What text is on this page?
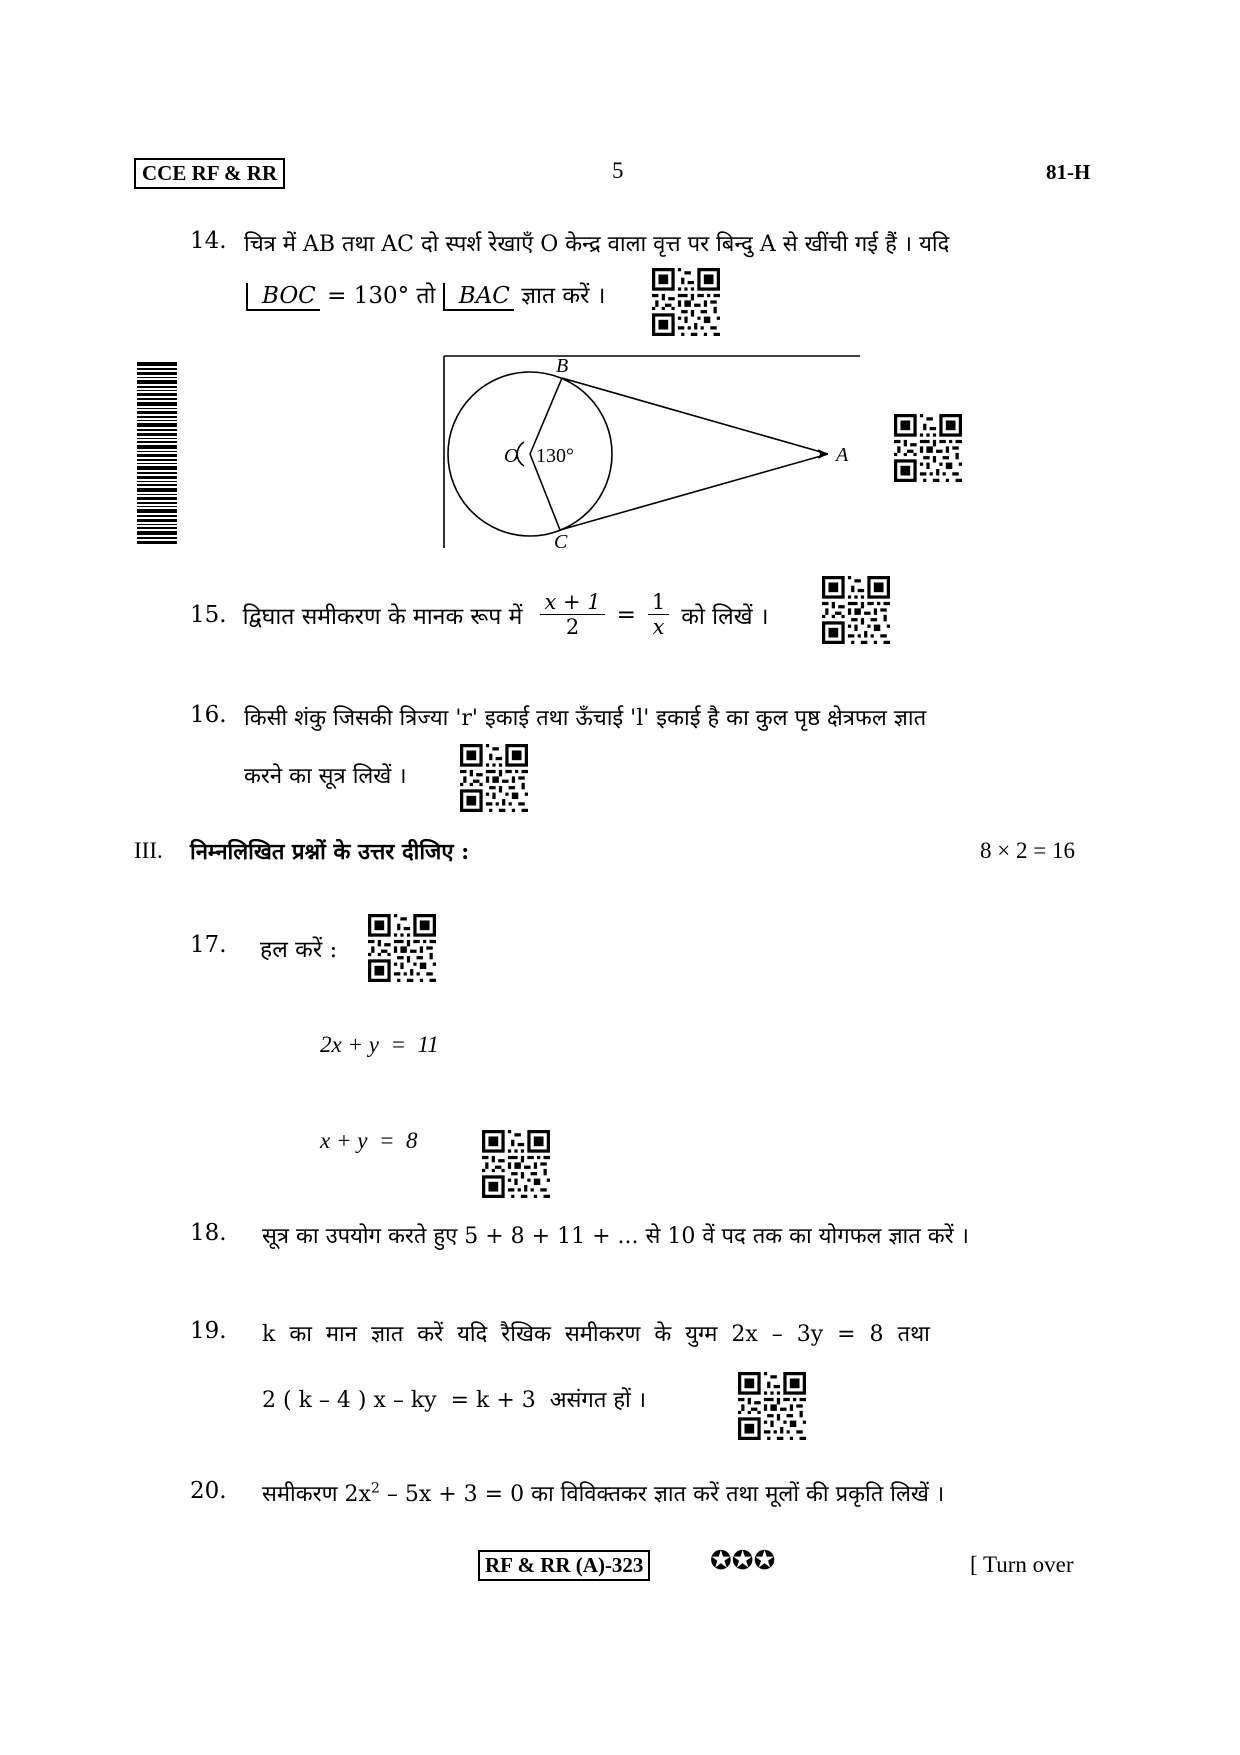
CCE RF & RR	5	81-H
14. चित्र में AB तथा AC दो स्पर्श रेखाएँ O केन्द्र वाला वृत्त पर बिन्दु A से खींची गई हैं । यदि
BOC = 130° तो BAC ज्ञात करें ।
B
O 130°	A
C
15. द्विघात समीकरण के मानक रूप में $\frac{x + 1}{2} = \frac{1}{x}$ को लिखें ।
16. किसी शंकु जिसकी त्रिज्या 'r' इकाई तथा ऊँचाई 'l' इकाई है का कुल पृष्ठ क्षेत्रफल ज्ञात
करने का सूत्र लिखें ।
III. निम्नलिखित प्रश्नों के उत्तर दीजिए :	8 × 2 = 16
17. हल करें :
2x + y  =  11
x + y  =  8
18. सूत्र का उपयोग करते हुए 5 + 8 + 11 + ... से 10 वें पद तक का योगफल ज्ञात करें ।
19. k  का  मान  ज्ञात  करें  यदि  रैखिक  समीकरण  के  युग्म  2x  –  3y  =  8  तथा
2 ( k – 4 ) x – ky  = k + 3  असंगत हों ।
20. समीकरण $2x^2 - 5x + 3 = 0$ का विविक्तकर ज्ञात करें तथा मूलों की प्रकृति लिखें ।
RF & RR (A)-323	✪✪✪	[ Turn over
